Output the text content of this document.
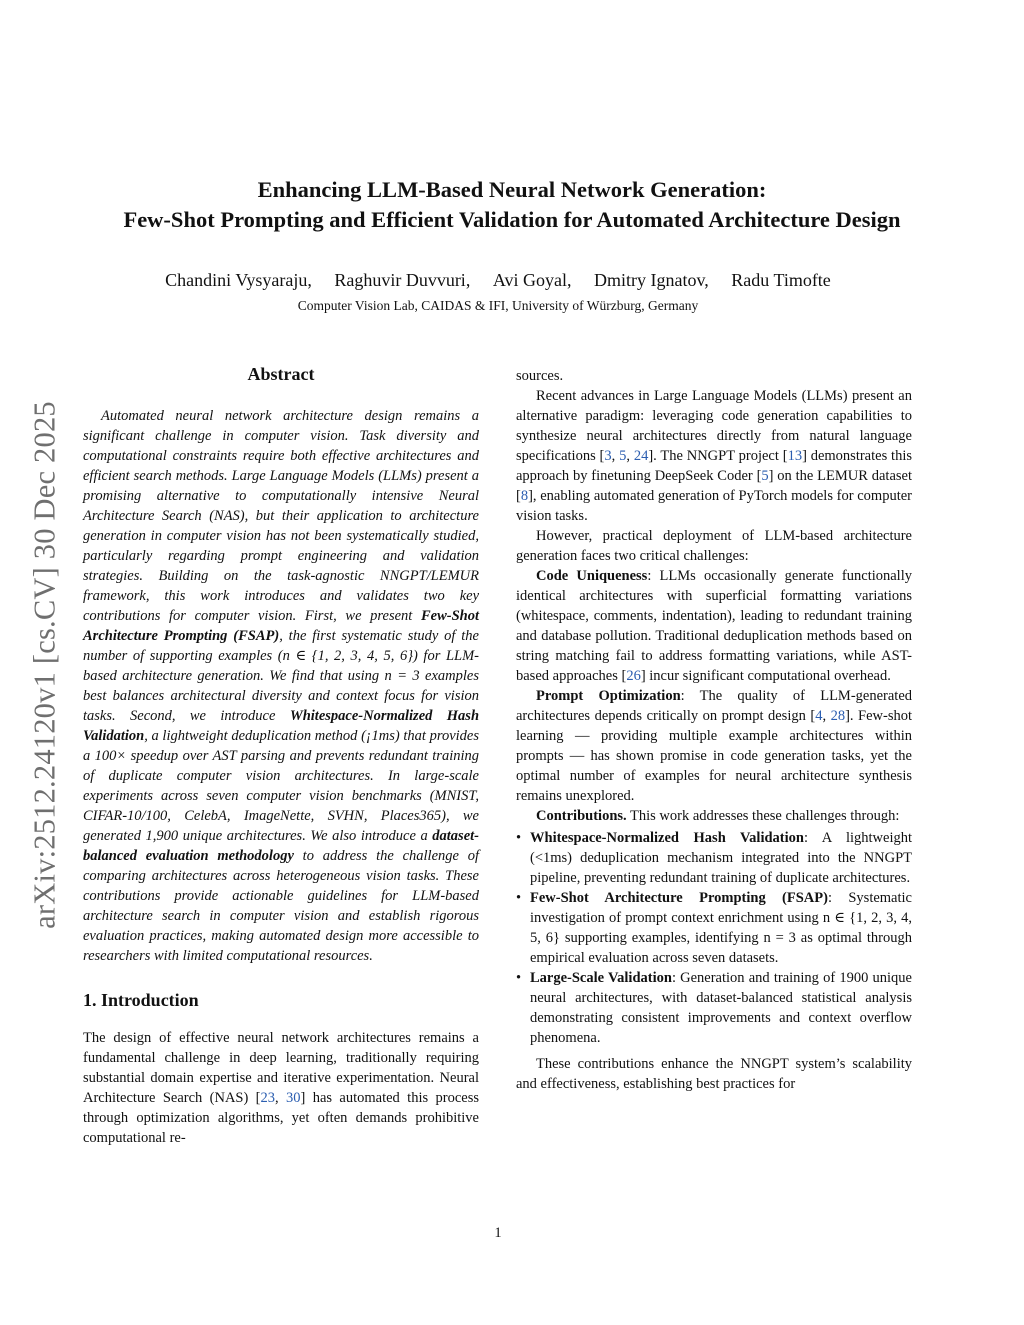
arXiv:2512.24120v1 [cs.CV] 30 Dec 2025
Enhancing LLM-Based Neural Network Generation:
Few-Shot Prompting and Efficient Validation for Automated Architecture Design
Chandini Vysyaraju, Raghuvir Duvvuri, Avi Goyal, Dmitry Ignatov, Radu Timofte
Computer Vision Lab, CAIDAS & IFI, University of Würzburg, Germany
Abstract

Automated neural network architecture design remains a significant challenge in computer vision. Task diversity and computational constraints require both effective architectures and efficient search methods. Large Language Models (LLMs) present a promising alternative to computationally intensive Neural Architecture Search (NAS), but their application to architecture generation in computer vision has not been systematically studied, particularly regarding prompt engineering and validation strategies. Building on the task-agnostic NNGPT/LEMUR framework, this work introduces and validates two key contributions for computer vision. First, we present Few-Shot Architecture Prompting (FSAP), the first systematic study of the number of supporting examples (n ∈ {1, 2, 3, 4, 5, 6}) for LLM-based architecture generation. We find that using n = 3 examples best balances architectural diversity and context focus for vision tasks. Second, we introduce Whitespace-Normalized Hash Validation, a lightweight deduplication method (¡1ms) that provides a 100× speedup over AST parsing and prevents redundant training of duplicate computer vision architectures. In large-scale experiments across seven computer vision benchmarks (MNIST, CIFAR-10/100, CelebA, ImageNette, SVHN, Places365), we generated 1,900 unique architectures. We also introduce a dataset-balanced evaluation methodology to address the challenge of comparing architectures across heterogeneous vision tasks. These contributions provide actionable guidelines for LLM-based architecture search in computer vision and establish rigorous evaluation practices, making automated design more accessible to researchers with limited computational resources.

1. Introduction

The design of effective neural network architectures remains a fundamental challenge in deep learning, traditionally requiring substantial domain expertise and iterative experimentation. Neural Architecture Search (NAS) [23, 30] has automated this process through optimization algorithms, yet often demands prohibitive computational re-

sources.

Recent advances in Large Language Models (LLMs) present an alternative paradigm: leveraging code generation capabilities to synthesize neural architectures directly from natural language specifications [3, 5, 24]. The NNGPT project [13] demonstrates this approach by finetuning DeepSeek Coder [5] on the LEMUR dataset [8], enabling automated generation of PyTorch models for computer vision tasks.

However, practical deployment of LLM-based architecture generation faces two critical challenges:

Code Uniqueness: LLMs occasionally generate functionally identical architectures with superficial formatting variations (whitespace, comments, indentation), leading to redundant training and database pollution. Traditional deduplication methods based on string matching fail to address formatting variations, while AST-based approaches [26] incur significant computational overhead.

Prompt Optimization: The quality of LLM-generated architectures depends critically on prompt design [4, 28]. Few-shot learning — providing multiple example architectures within prompts — has shown promise in code generation tasks, yet the optimal number of examples for neural architecture synthesis remains unexplored.

Contributions. This work addresses these challenges through:

• Whitespace-Normalized Hash Validation: A lightweight (<1ms) deduplication mechanism integrated into the NNGPT pipeline, preventing redundant training of duplicate architectures.
• Few-Shot Architecture Prompting (FSAP): Systematic investigation of prompt context enrichment using n ∈ {1, 2, 3, 4, 5, 6} supporting examples, identifying n = 3 as optimal through empirical evaluation across seven datasets.
• Large-Scale Validation: Generation and training of 1900 unique neural architectures, with dataset-balanced statistical analysis demonstrating consistent improvements and context overflow phenomena.

These contributions enhance the NNGPT system’s scalability and effectiveness, establishing best practices for

1
